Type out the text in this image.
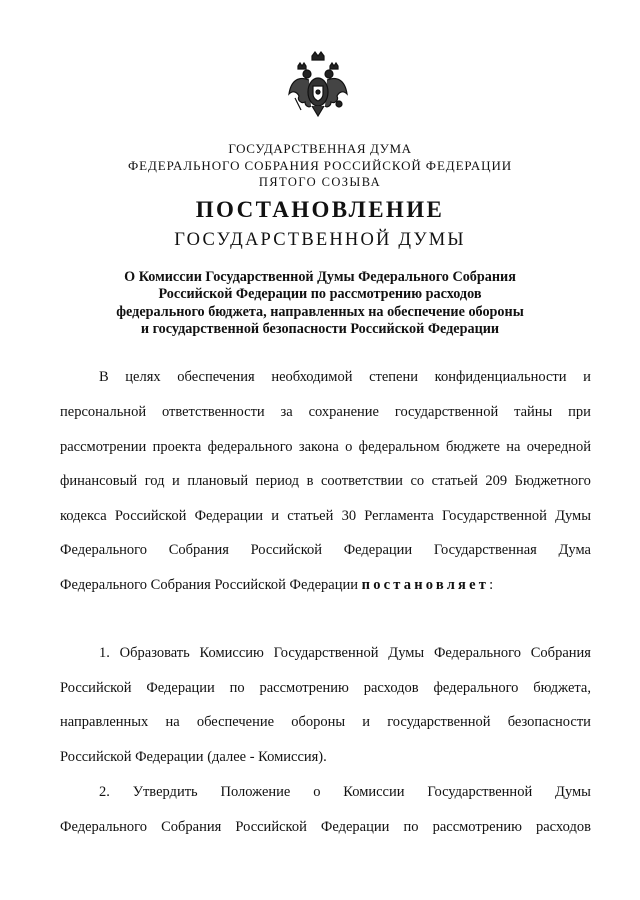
ГОСУДАРСТВЕННАЯ ДУМА
ФЕДЕРАЛЬНОГО СОБРАНИЯ РОССИЙСКОЙ ФЕДЕРАЦИИ
ПЯТОГО СОЗЫВА
ПОСТАНОВЛЕНИЕ
ГОСУДАРСТВЕННОЙ ДУМЫ
О Комиссии Государственной Думы Федерального Собрания
Российской Федерации по рассмотрению расходов
федерального бюджета, направленных на обеспечение обороны
и государственной безопасности Российской Федерации
В целях обеспечения необходимой степени конфиденциальности и
персональной ответственности за сохранение государственной тайны при
рассмотрении проекта федерального закона о федеральном бюджете на очередной
финансовый год и плановый период в соответствии со статьей 209 Бюджетного
кодекса Российской Федерации и статьей 30 Регламента Государственной Думы
Федерального Собрания Российской Федерации Государственная Дума
Федерального Собрания Российской Федерации постановляет:
1. Образовать Комиссию Государственной Думы Федерального Собрания
Российской Федерации по рассмотрению расходов федерального бюджета,
направленных на обеспечение обороны и государственной безопасности
Российской Федерации (далее - Комиссия).
2. Утвердить Положение о Комиссии Государственной Думы
Федерального Собрания Российской Федерации по рассмотрению расходов
